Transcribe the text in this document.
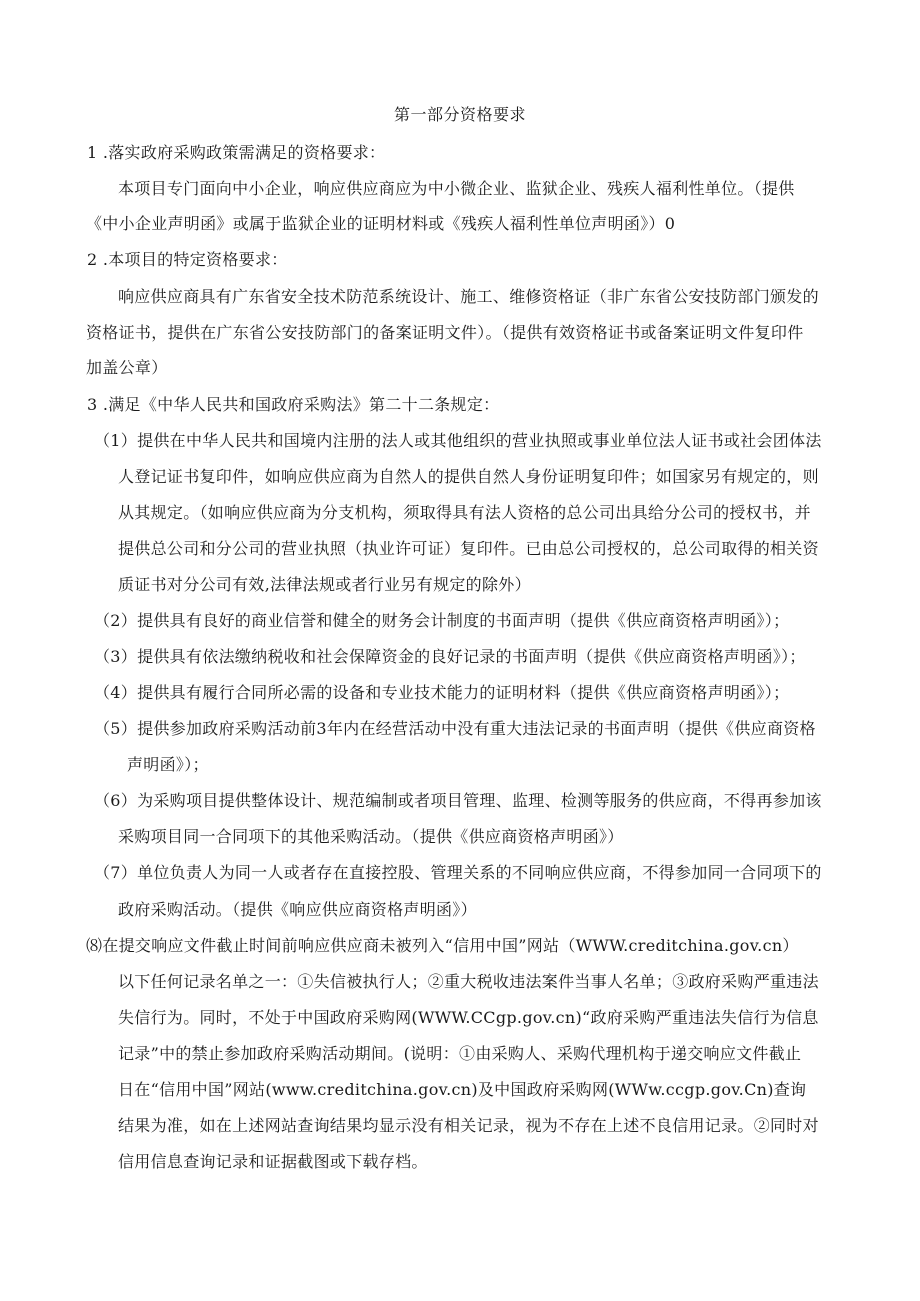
第一部分资格要求
1 .落实政府采购政策需满足的资格要求：
本项目专门面向中小企业，响应供应商应为中小微企业、监狱企业、残疾人福利性单位。（提供
《中小企业声明函》或属于监狱企业的证明材料或《残疾人福利性单位声明函》）0
2 .本项目的特定资格要求：
响应供应商具有广东省安全技术防范系统设计、施工、维修资格证（非广东省公安技防部门颁发的
资格证书，提供在广东省公安技防部门的备案证明文件）。（提供有效资格证书或备案证明文件复印件
加盖公章）
3 .满足《中华人民共和国政府采购法》第二十二条规定：
（1）提供在中华人民共和国境内注册的法人或其他组织的营业执照或事业单位法人证书或社会团体法
人登记证书复印件，如响应供应商为自然人的提供自然人身份证明复印件；如国家另有规定的，则
从其规定。（如响应供应商为分支机构，须取得具有法人资格的总公司出具给分公司的授权书，并
提供总公司和分公司的营业执照（执业许可证）复印件。已由总公司授权的，总公司取得的相关资
质证书对分公司有效,法律法规或者行业另有规定的除外）
（2）提供具有良好的商业信誉和健全的财务会计制度的书面声明（提供《供应商资格声明函》）；
（3）提供具有依法缴纳税收和社会保障资金的良好记录的书面声明（提供《供应商资格声明函》）；
（4）提供具有履行合同所必需的设备和专业技术能力的证明材料（提供《供应商资格声明函》）；
（5）提供参加政府采购活动前3年内在经营活动中没有重大违法记录的书面声明（提供《供应商资格
声明函》）；
（6）为采购项目提供整体设计、规范编制或者项目管理、监理、检测等服务的供应商，不得再参加该
采购项目同一合同项下的其他采购活动。（提供《供应商资格声明函》）
（7）单位负责人为同一人或者存在直接控股、管理关系的不同响应供应商，不得参加同一合同项下的
政府采购活动。（提供《响应供应商资格声明函》）
⑻在提交响应文件截止时间前响应供应商未被列入“信用中国”网站（WWW.creditchina.gov.cn）
以下任何记录名单之一：①失信被执行人；②重大税收违法案件当事人名单；③政府采购严重违法
失信行为。同时，不处于中国政府采购网(WWW.CCgp.gov.cn)“政府采购严重违法失信行为信息
记录”中的禁止参加政府采购活动期间。(说明：①由采购人、采购代理机构于递交响应文件截止
日在“信用中国”网站(www.creditchina.gov.cn)及中国政府采购网(WWw.ccgp.gov.Cn)查询
结果为准，如在上述网站查询结果均显示没有相关记录，视为不存在上述不良信用记录。②同时对
信用信息查询记录和证据截图或下载存档。
